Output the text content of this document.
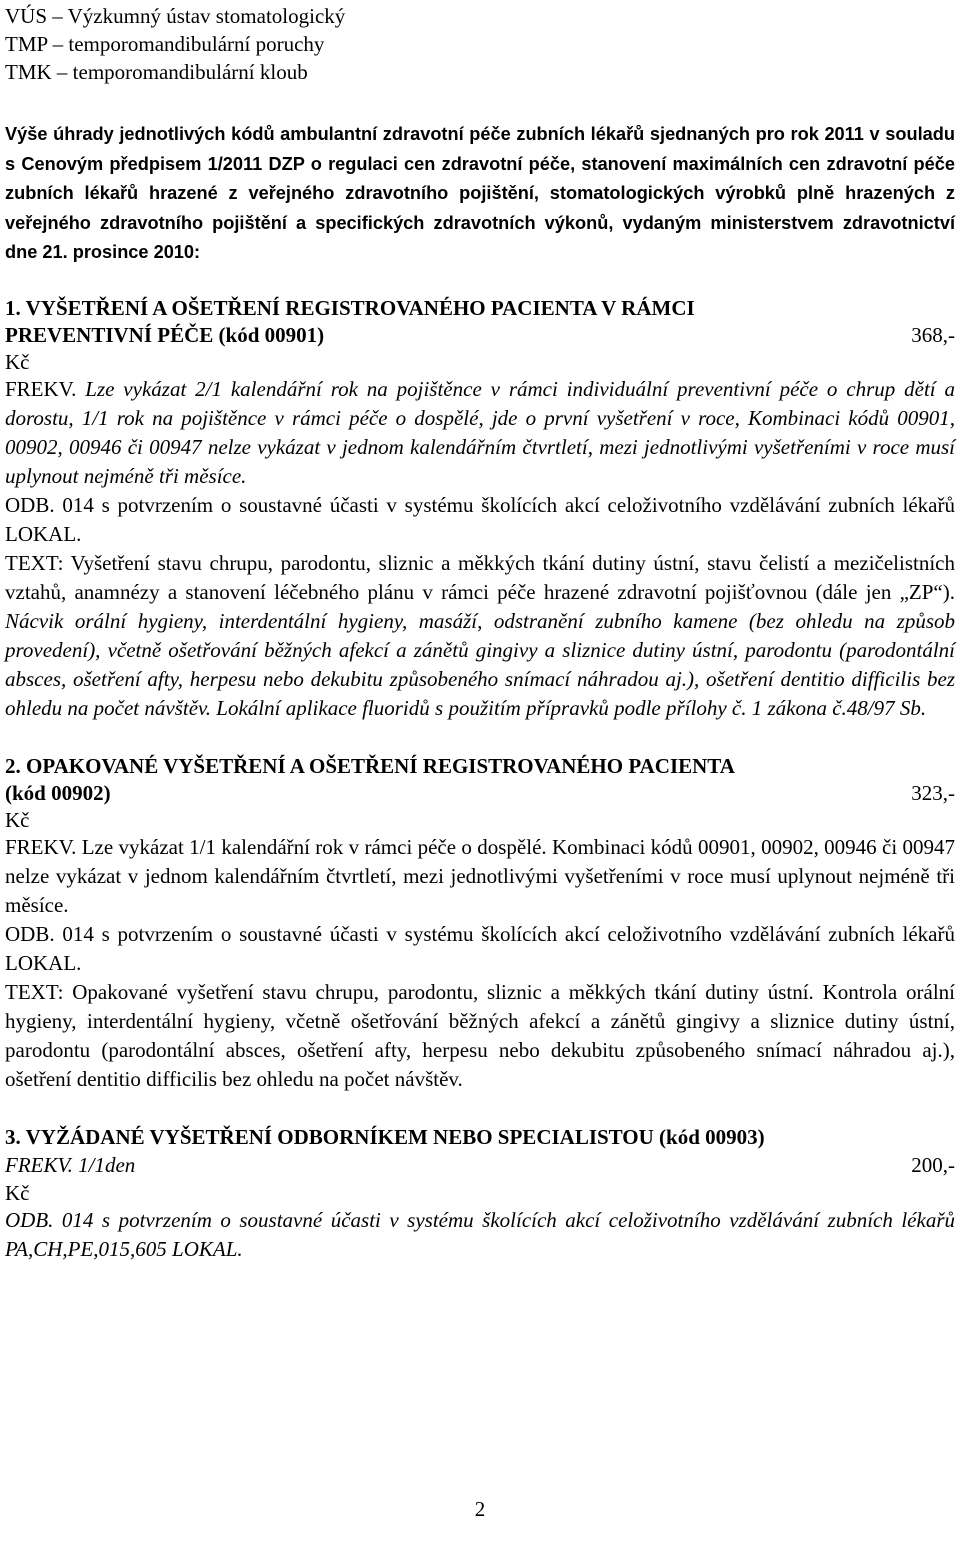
VÚS – Výzkumný ústav stomatologický
TMP – temporomandibulární poruchy
TMK – temporomandibulární kloub
Výše úhrady jednotlivých kódů ambulantní zdravotní péče zubních lékařů sjednaných pro rok 2011 v souladu s Cenovým předpisem 1/2011 DZP o regulaci cen zdravotní péče, stanovení maximálních cen zdravotní péče zubních lékařů hrazené z veřejného zdravotního pojištění, stomatologických výrobků plně hrazených z veřejného zdravotního pojištění a specifických zdravotních výkonů, vydaným ministerstvem zdravotnictví dne 21. prosince 2010:
1. VYŠETŘENÍ A OŠETŘENÍ REGISTROVANÉHO PACIENTA V RÁMCI
PREVENTIVNÍ PÉČE (kód 00901)	368,-
Kč

FREKV. Lze vykázat 2/1 kalendářní rok na pojištěnce v rámci individuální preventivní péče o chrup dětí a dorostu, 1/1 rok na pojištěnce v rámci péče o dospělé, jde o první vyšetření v roce, Kombinaci kódů 00901, 00902, 00946 či 00947 nelze vykázat v jednom kalendářním čtvrtletí, mezi jednotlivými vyšetřeními v roce musí uplynout nejméně tři měsíce.

ODB. 014 s potvrzením o soustavné účasti v systému školících akcí celoživotního vzdělávání zubních lékařů LOKAL.

TEXT: Vyšetření stavu chrupu, parodontu, sliznic a měkkých tkání dutiny ústní, stavu čelistí a mezičelistních vztahů, anamnézy a stanovení léčebného plánu v rámci péče hrazené zdravotní pojišťovnou (dále jen „ZP“). Nácvik orální hygieny, interdentální hygieny, masáží, odstranění zubního kamene (bez ohledu na způsob provedení), včetně ošetřování běžných afekcí a zánětů gingivy a sliznice dutiny ústní, parodontu (parodontální absces, ošetření afty, herpesu nebo dekubitu způsobeného snímací náhradou aj.), ošetření dentitio difficilis bez ohledu na počet návštěv. Lokální aplikace fluoridů s použitím přípravků podle přílohy č. 1 zákona č.48/97 Sb.

2. OPAKOVANÉ VYŠETŘENÍ A OŠETŘENÍ REGISTROVANÉHO PACIENTA
(kód 00902)	323,-
Kč

FREKV. Lze vykázat 1/1 kalendářní rok v rámci péče o dospělé. Kombinaci kódů 00901, 00902, 00946 či 00947 nelze vykázat v jednom kalendářním čtvrtletí, mezi jednotlivými vyšetřeními v roce musí uplynout nejméně tři měsíce.

ODB. 014 s potvrzením o soustavné účasti v systému školících akcí celoživotního vzdělávání zubních lékařů LOKAL.

TEXT: Opakované vyšetření stavu chrupu, parodontu, sliznic a měkkých tkání dutiny ústní. Kontrola orální hygieny, interdentální hygieny, včetně ošetřování běžných afekcí a zánětů gingivy a sliznice dutiny ústní, parodontu (parodontální absces, ošetření afty, herpesu nebo dekubitu způsobeného snímací náhradou aj.), ošetření dentitio difficilis bez ohledu na počet návštěv.

3. VYŽÁDANÉ VYŠETŘENÍ ODBORNÍKEM NEBO SPECIALISTOU (kód 00903)
FREKV. 1/1den	200,-
Kč

ODB. 014 s potvrzením o soustavné účasti v systému školících akcí celoživotního vzdělávání zubních lékařů PA,CH,PE,015,605 LOKAL.

2
